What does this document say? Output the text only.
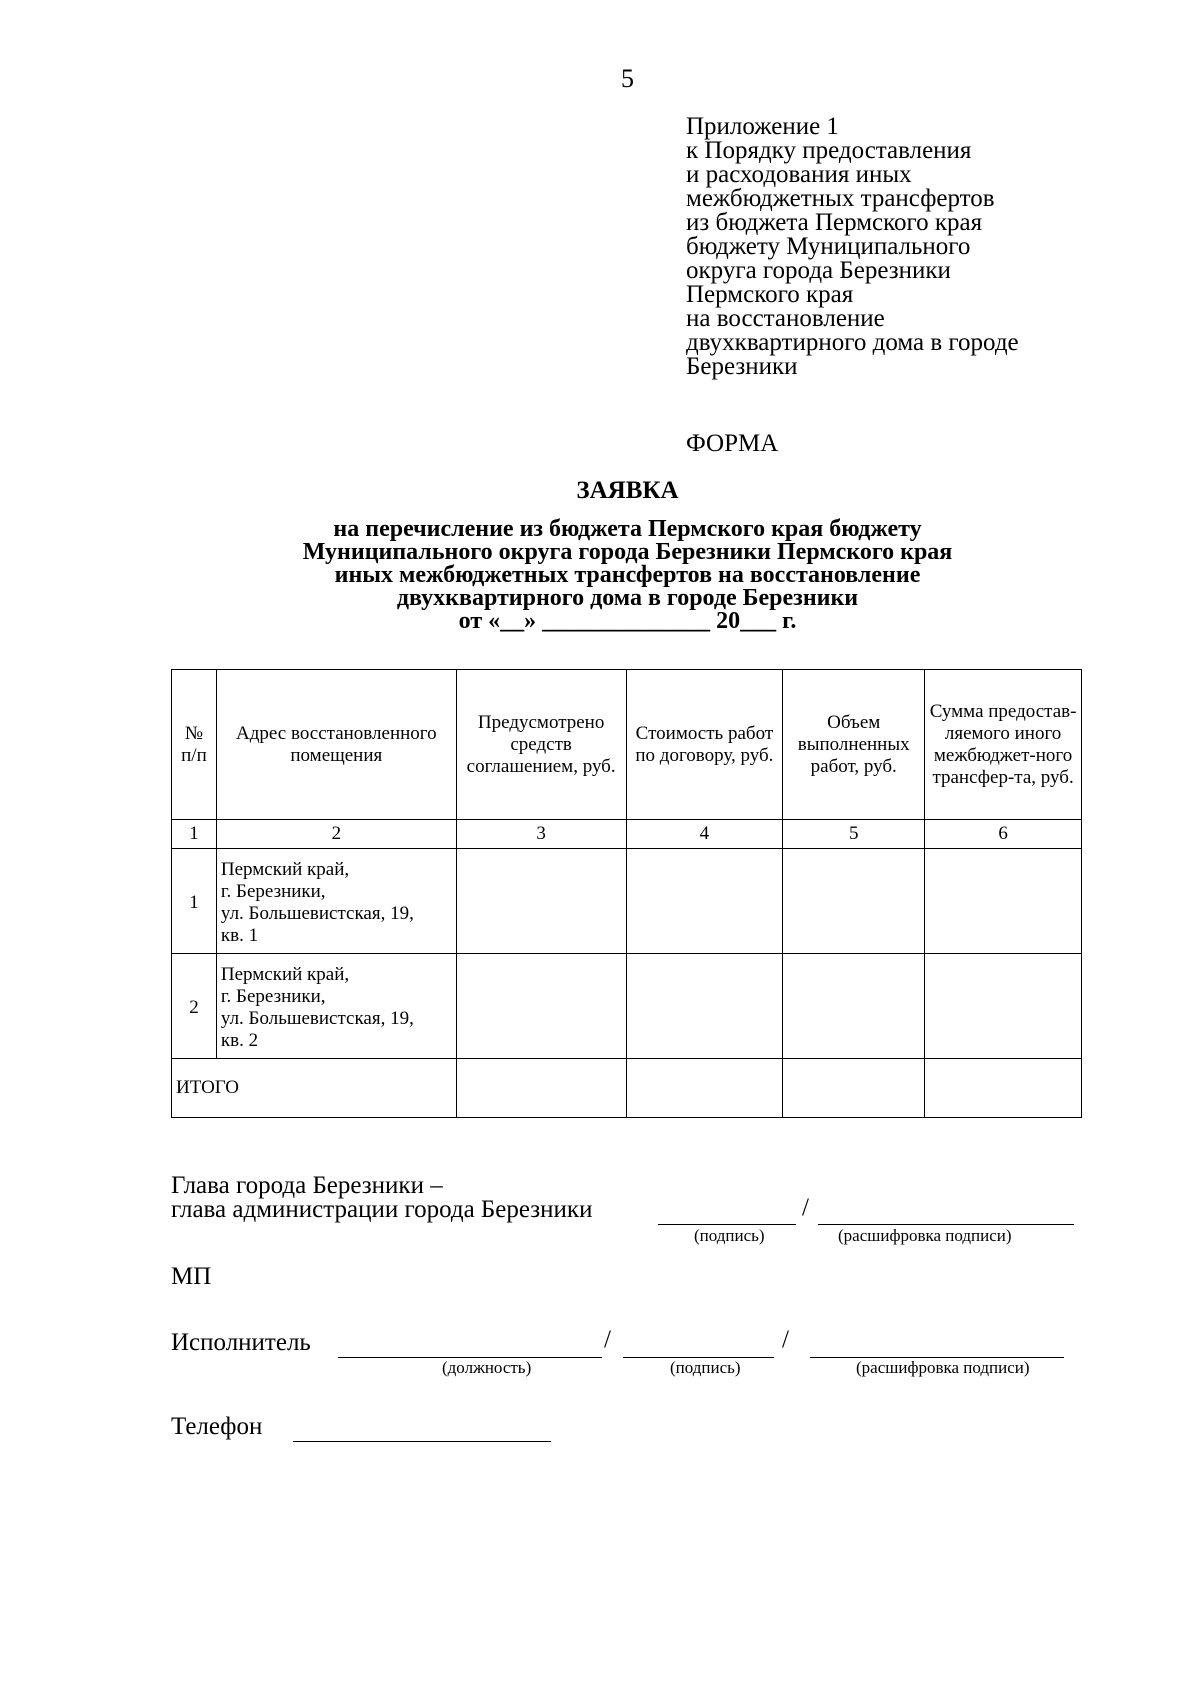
5
Приложение 1
к Порядку предоставления
и расходования иных
межбюджетных трансфертов
из бюджета Пермского края
бюджету Муниципального
округа города Березники
Пермского края
на восстановление
двухквартирного дома в городе
Березники
ФОРМА
ЗАЯВКА
на перечисление из бюджета Пермского края бюджету
Муниципального округа города Березники Пермского края
иных межбюджетных трансфертов на восстановление
двухквартирного дома в городе Березники
от «__» ______________ 20___ г.
№ п/п	Адрес восстановленного помещения	Предусмотрено средств соглашением, руб.	Стоимость работ по договору, руб.	Объем выполненных работ, руб.	Сумма предостав-ляемого иного межбюджет-ного трансфер-та, руб.
1	2	3	4	5	6
1	Пермский край,
г. Березники,
ул. Большевистская, 19,
кв. 1				

2	Пермский край,
г. Березники,
ул. Большевистская, 19,
кв. 2				

ИТОГО					
Глава города Березники –
глава администрации города Березники	/
(подпись)	(расшифровка подписи)
МП
Исполнитель	/	/
(должность)	(подпись)	(расшифровка подписи)
Телефон
